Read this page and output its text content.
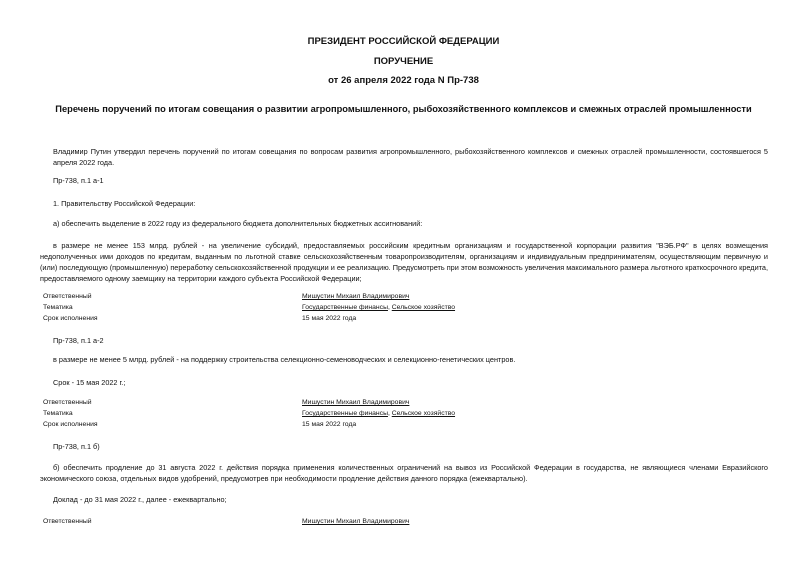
ПРЕЗИДЕНТ РОССИЙСКОЙ ФЕДЕРАЦИИ
ПОРУЧЕНИЕ
от 26 апреля 2022 года N Пр-738
Перечень поручений по итогам совещания о развитии агропромышленного, рыбохозяйственного комплексов и смежных отраслей промышленности
Владимир Путин утвердил перечень поручений по итогам совещания по вопросам развития агропромышленного, рыбохозяйственного комплексов и смежных отраслей промышленности, состоявшегося 5 апреля 2022 года.
Пр-738, п.1 а-1
1. Правительству Российской Федерации:
а) обеспечить выделение в 2022 году из федерального бюджета дополнительных бюджетных ассигнований:
в размере не менее 153 млрд. рублей - на увеличение субсидий, предоставляемых российским кредитным организациям и государственной корпорации развития "ВЭБ.РФ" в целях возмещения недополученных ими доходов по кредитам, выданным по льготной ставке сельскохозяйственным товаропроизводителям, организациям и индивидуальным предпринимателям, осуществляющим первичную и (или) последующую (промышленную) переработку сельскохозяйственной продукции и ее реализацию. Предусмотреть при этом возможность увеличения максимального размера льготного краткосрочного кредита, предоставляемого одному заемщику на территории каждого субъекта Российской Федерации;
Ответственный	Мишустин Михаил Владимирович
Тематика	Государственные финансы, Сельское хозяйство
Срок исполнения	15 мая 2022 года
Пр-738, п.1 а-2
в размере не менее 5 млрд. рублей - на поддержку строительства селекционно-семеноводческих и селекционно-генетических центров.
Срок - 15 мая 2022 г.;
Ответственный	Мишустин Михаил Владимирович
Тематика	Государственные финансы, Сельское хозяйство
Срок исполнения	15 мая 2022 года
Пр-738, п.1 б)
б) обеспечить продление до 31 августа 2022 г. действия порядка применения количественных ограничений на вывоз из Российской Федерации в государства, не являющиеся членами Евразийского экономического союза, отдельных видов удобрений, предусмотрев при необходимости продление действия данного порядка (ежеквартально).
Доклад - до 31 мая 2022 г., далее - ежеквартально;
Ответственный	Мишустин Михаил Владимирович
